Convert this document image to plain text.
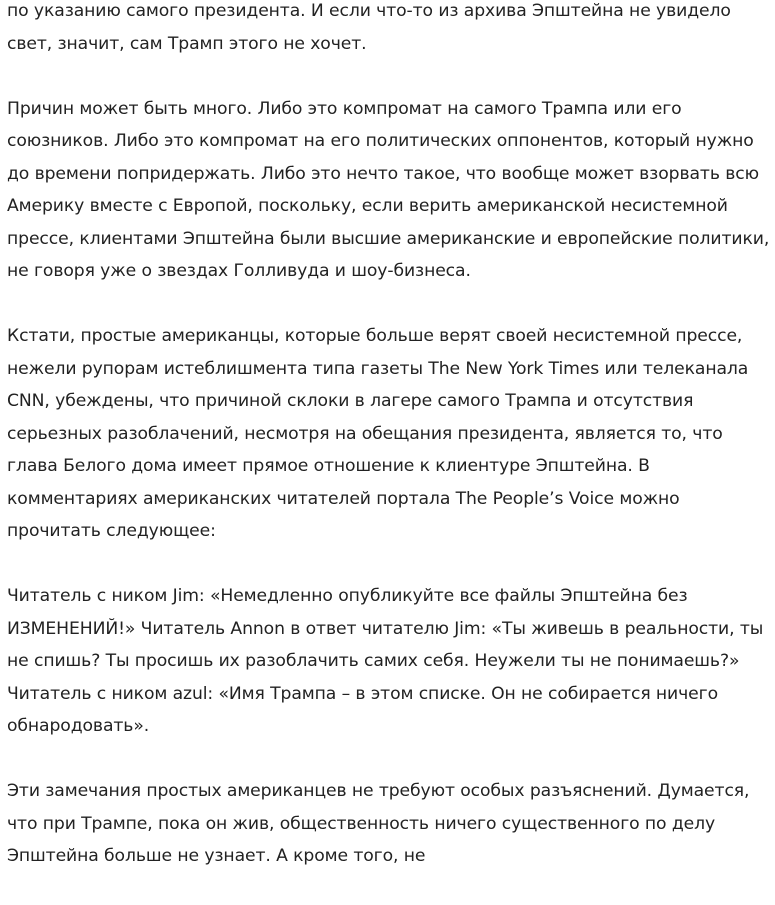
по указанию самого президента. И если что-то из архива Эпштейна не увидело свет, значит, сам Трамп этого не хочет.

Причин может быть много. Либо это компромат на самого Трампа или его союзников. Либо это компромат на его политических оппонентов, который нужно до времени попридержать. Либо это нечто такое, что вообще может взорвать всю Америку вместе с Европой, поскольку, если верить американской несистемной прессе, клиентами Эпштейна были высшие американские и европейские политики, не говоря уже о звездах Голливуда и шоу-бизнеса.

Кстати, простые американцы, которые больше верят своей несистемной прессе, нежели рупорам истеблишмента типа газеты The New York Times или телеканала CNN, убеждены, что причиной склоки в лагере самого Трампа и отсутствия серьезных разоблачений, несмотря на обещания президента, является то, что глава Белого дома имеет прямое отношение к клиентуре Эпштейна. В комментариях американских читателей портала The People’s Voice можно прочитать следующее:

Читатель с ником Jim: «Немедленно опубликуйте все файлы Эпштейна без ИЗМЕНЕНИЙ!» Читатель Annon в ответ читателю Jim: «Ты живешь в реальности, ты не спишь? Ты просишь их разоблачить самих себя. Неужели ты не понимаешь?» Читатель с ником azul: «Имя Трампа – в этом списке. Он не собирается ничего обнародовать».

Эти замечания простых американцев не требуют особых разъяснений. Думается, что при Трампе, пока он жив, общественность ничего существенного по делу Эпштейна больше не узнает. А кроме того, не
